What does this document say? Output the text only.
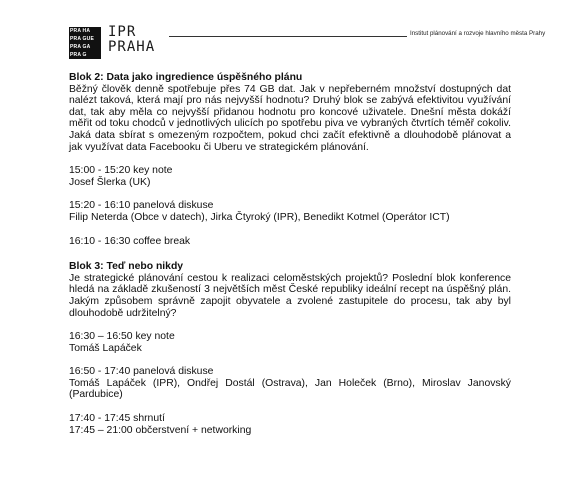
PRA HA
PRA GUE
PRA GA
PRA G
IPR
PRAHA
Institut plánování a rozvoje hlavního města Prahy

Blok 2: Data jako ingredience úspěšného plánu

Běžný člověk denně spotřebuje přes 74 GB dat. Jak v nepřeberném množství dostupných dat nalézt taková, která mají pro nás nejvyšší hodnotu? Druhý blok se zabývá efektivitou využívání dat, tak aby měla co nejvyšší přidanou hodnotu pro koncové uživatele. Dnešní města dokáží měřit od toku chodců v jednotlivých ulicích po spotřebu piva ve vybraných čtvrtích téměř cokoliv. Jaká data sbírat s omezeným rozpočtem, pokud chci začít efektivně a dlouhodobě plánovat a jak využívat data Facebooku či Uberu ve strategickém plánování.

15:00 - 15:20 key note
Josef Šlerka (UK)
15:20 - 16:10 panelová diskuse
Filip Neterda (Obce v datech), Jirka Čtyroký (IPR), Benedikt Kotmel (Operátor ICT)
16:10 - 16:30 coffee break

Blok 3: Teď nebo nikdy

Je strategické plánování cestou k realizaci celoměstských projektů? Poslední blok konference hledá na základě zkušeností 3 největších měst České republiky ideální recept na úspěšný plán. Jakým způsobem správně zapojit obyvatele a zvolené zastupitele do procesu, tak aby byl dlouhodobě udržitelný?

16:30 – 16:50 key note
Tomáš Lapáček
16:50 - 17:40 panelová diskuse

Tomáš Lapáček (IPR), Ondřej Dostál (Ostrava), Jan Holeček (Brno), Miroslav Janovský (Pardubice)

17:40 - 17:45 shrnutí
17:45 – 21:00 občerstvení + networking
